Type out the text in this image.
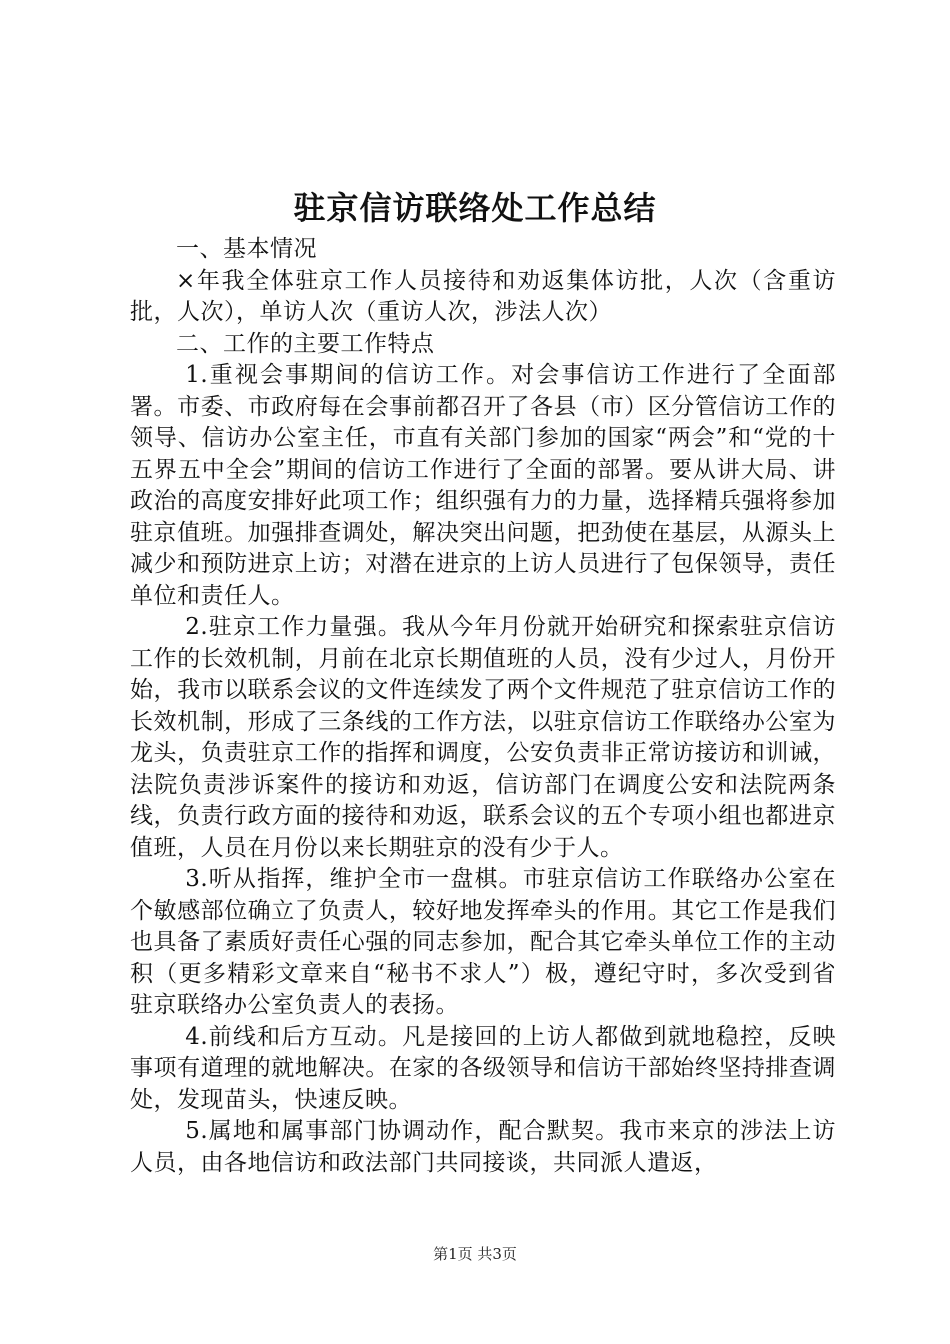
驻京信访联络处工作总结

一、基本情况

×年我全体驻京工作人员接待和劝返集体访批，人次（含重访批，人次），单访人次（重访人次，涉法人次）

二、工作的主要工作特点

1.重视会事期间的信访工作。对会事信访工作进行了全面部署。市委、市政府每在会事前都召开了各县（市）区分管信访工作的领导、信访办公室主任，市直有关部门参加的国家“两会”和“党的十五界五中全会”期间的信访工作进行了全面的部署。要从讲大局、讲政治的高度安排好此项工作；组织强有力的力量，选择精兵强将参加驻京值班。加强排查调处，解决突出问题，把劲使在基层，从源头上减少和预防进京上访；对潜在进京的上访人员进行了包保领导，责任单位和责任人。

2.驻京工作力量强。我从今年月份就开始研究和探索驻京信访工作的长效机制，月前在北京长期值班的人员，没有少过人，月份开始，我市以联系会议的文件连续发了两个文件规范了驻京信访工作的长效机制，形成了三条线的工作方法，以驻京信访工作联络办公室为龙头，负责驻京工作的指挥和调度，公安负责非正常访接访和训诫，法院负责涉诉案件的接访和劝返，信访部门在调度公安和法院两条线，负责行政方面的接待和劝返，联系会议的五个专项小组也都进京值班，人员在月份以来长期驻京的没有少于人。

3.听从指挥，维护全市一盘棋。市驻京信访工作联络办公室在个敏感部位确立了负责人，较好地发挥牵头的作用。其它工作是我们也具备了素质好责任心强的同志参加，配合其它牵头单位工作的主动积（更多精彩文章来自“秘书不求人”）极，遵纪守时，多次受到省驻京联络办公室负责人的表扬。

4.前线和后方互动。凡是接回的上访人都做到就地稳控，反映事项有道理的就地解决。在家的各级领导和信访干部始终坚持排查调处，发现苗头，快速反映。

5.属地和属事部门协调动作，配合默契。我市来京的涉法上访人员，由各地信访和政法部门共同接谈，共同派人遣返，

第1页 共3页
